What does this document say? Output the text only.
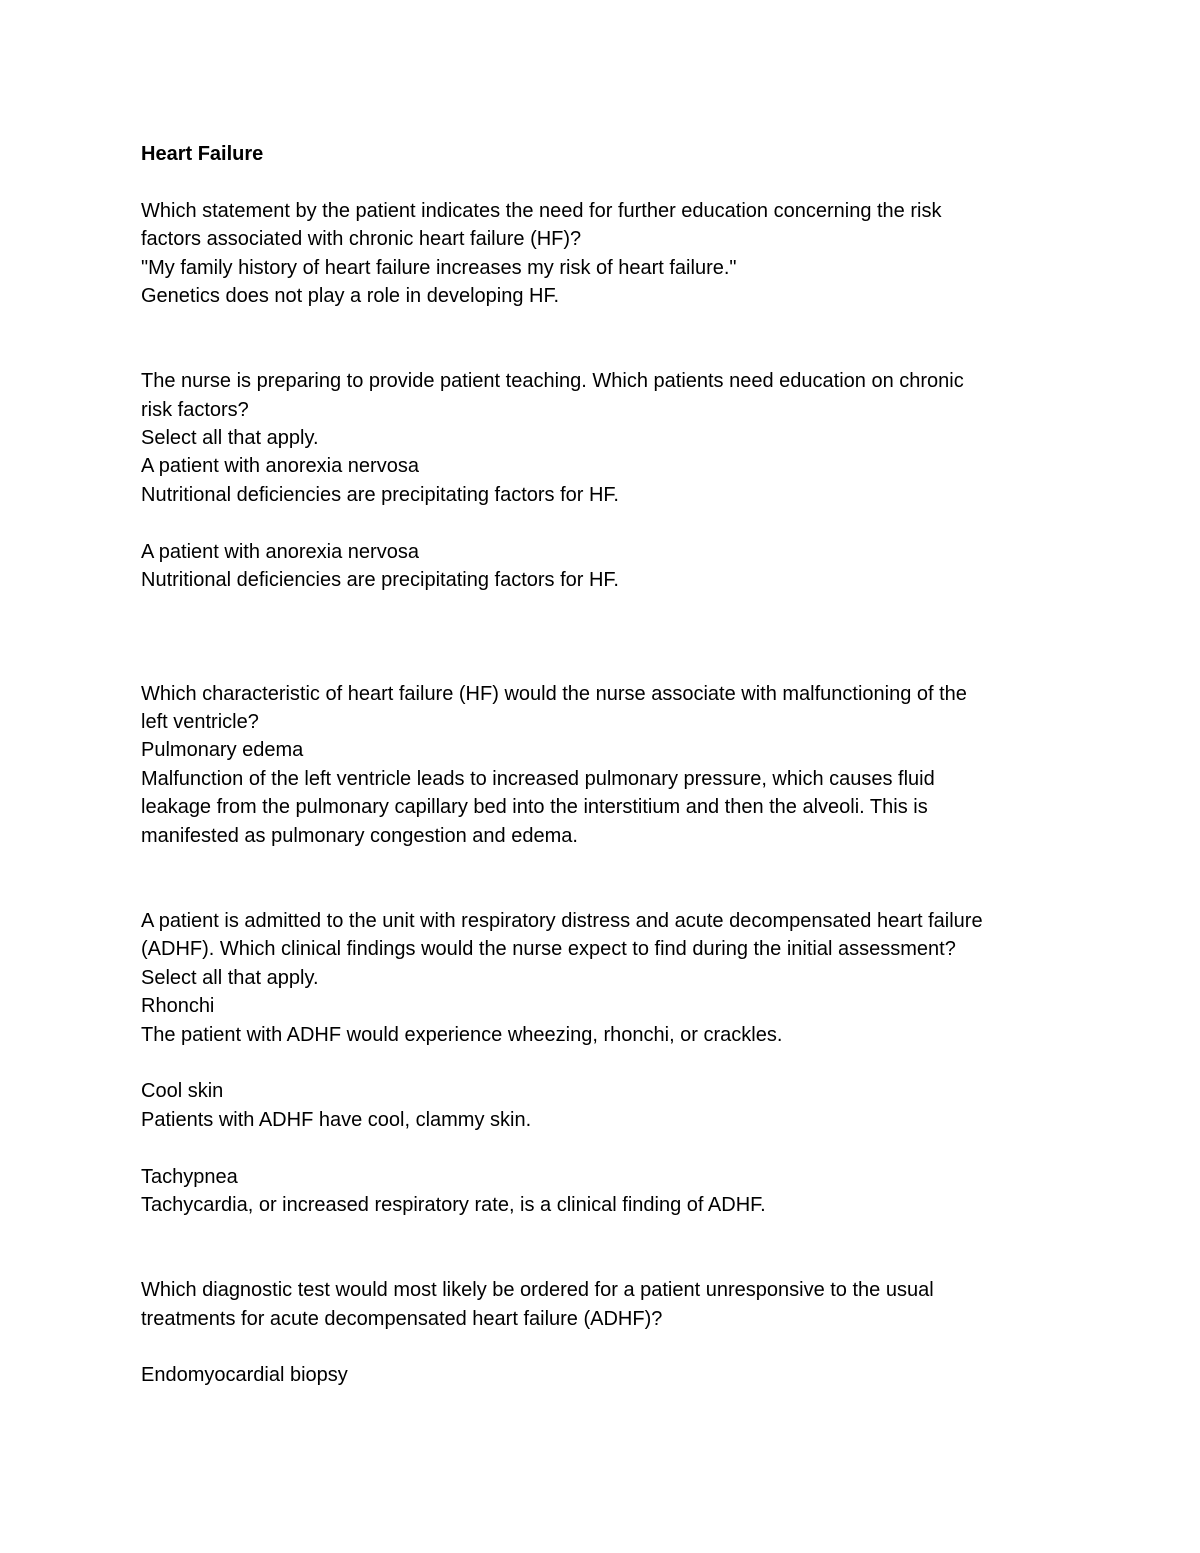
Heart Failure

Which statement by the patient indicates the need for further education concerning the risk

factors associated with chronic heart failure (HF)?

"My family history of heart failure increases my risk of heart failure."

Genetics does not play a role in developing HF.

The nurse is preparing to provide patient teaching. Which patients need education on chronic

risk factors?

Select all that apply.

A patient with anorexia nervosa

Nutritional deficiencies are precipitating factors for HF.

A patient with anorexia nervosa

Nutritional deficiencies are precipitating factors for HF.

Which characteristic of heart failure (HF) would the nurse associate with malfunctioning of the

left ventricle?

Pulmonary edema

Malfunction of the left ventricle leads to increased pulmonary pressure, which causes fluid

leakage from the pulmonary capillary bed into the interstitium and then the alveoli. This is

manifested as pulmonary congestion and edema.

A patient is admitted to the unit with respiratory distress and acute decompensated heart failure

(ADHF). Which clinical findings would the nurse expect to find during the initial assessment?

Select all that apply.

Rhonchi

The patient with ADHF would experience wheezing, rhonchi, or crackles.

Cool skin

Patients with ADHF have cool, clammy skin.

Tachypnea

Tachycardia, or increased respiratory rate, is a clinical finding of ADHF.

Which diagnostic test would most likely be ordered for a patient unresponsive to the usual

treatments for acute decompensated heart failure (ADHF)?

Endomyocardial biopsy
